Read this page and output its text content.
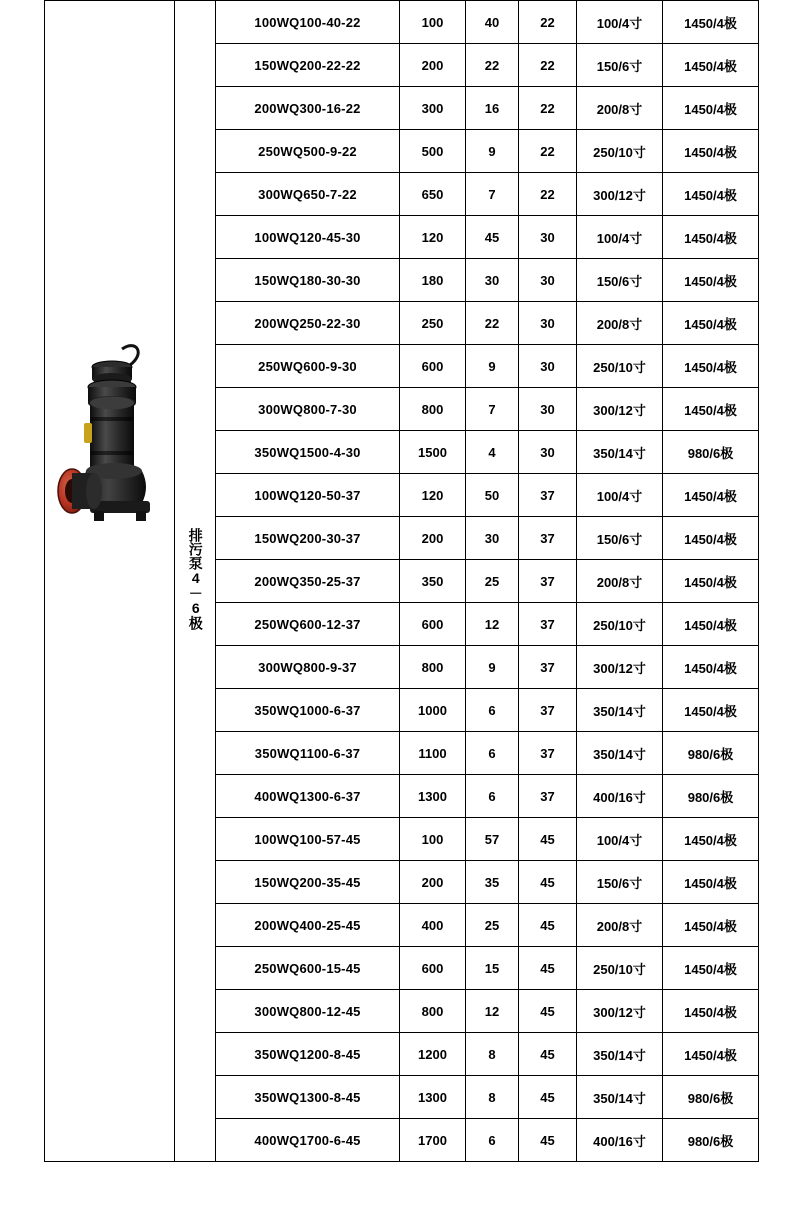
	排污泵4－6极	100WQ100-40-22	100	40	22	100/4寸	1450/4极
		150WQ200-22-22	200	22	22	150/6寸	1450/4极
		200WQ300-16-22	300	16	22	200/8寸	1450/4极
		250WQ500-9-22	500	9	22	250/10寸	1450/4极
		300WQ650-7-22	650	7	22	300/12寸	1450/4极
		100WQ120-45-30	120	45	30	100/4寸	1450/4极
		150WQ180-30-30	180	30	30	150/6寸	1450/4极
		200WQ250-22-30	250	22	30	200/8寸	1450/4极
		250WQ600-9-30	600	9	30	250/10寸	1450/4极
		300WQ800-7-30	800	7	30	300/12寸	1450/4极
		350WQ1500-4-30	1500	4	30	350/14寸	980/6极
		100WQ120-50-37	120	50	37	100/4寸	1450/4极
		150WQ200-30-37	200	30	37	150/6寸	1450/4极
		200WQ350-25-37	350	25	37	200/8寸	1450/4极
		250WQ600-12-37	600	12	37	250/10寸	1450/4极
		300WQ800-9-37	800	9	37	300/12寸	1450/4极
		350WQ1000-6-37	1000	6	37	350/14寸	1450/4极
		350WQ1100-6-37	1100	6	37	350/14寸	980/6极
		400WQ1300-6-37	1300	6	37	400/16寸	980/6极
		100WQ100-57-45	100	57	45	100/4寸	1450/4极
		150WQ200-35-45	200	35	45	150/6寸	1450/4极
		200WQ400-25-45	400	25	45	200/8寸	1450/4极
		250WQ600-15-45	600	15	45	250/10寸	1450/4极
		300WQ800-12-45	800	12	45	300/12寸	1450/4极
		350WQ1200-8-45	1200	8	45	350/14寸	1450/4极
		350WQ1300-8-45	1300	8	45	350/14寸	980/6极
		400WQ1700-6-45	1700	6	45	400/16寸	980/6极
